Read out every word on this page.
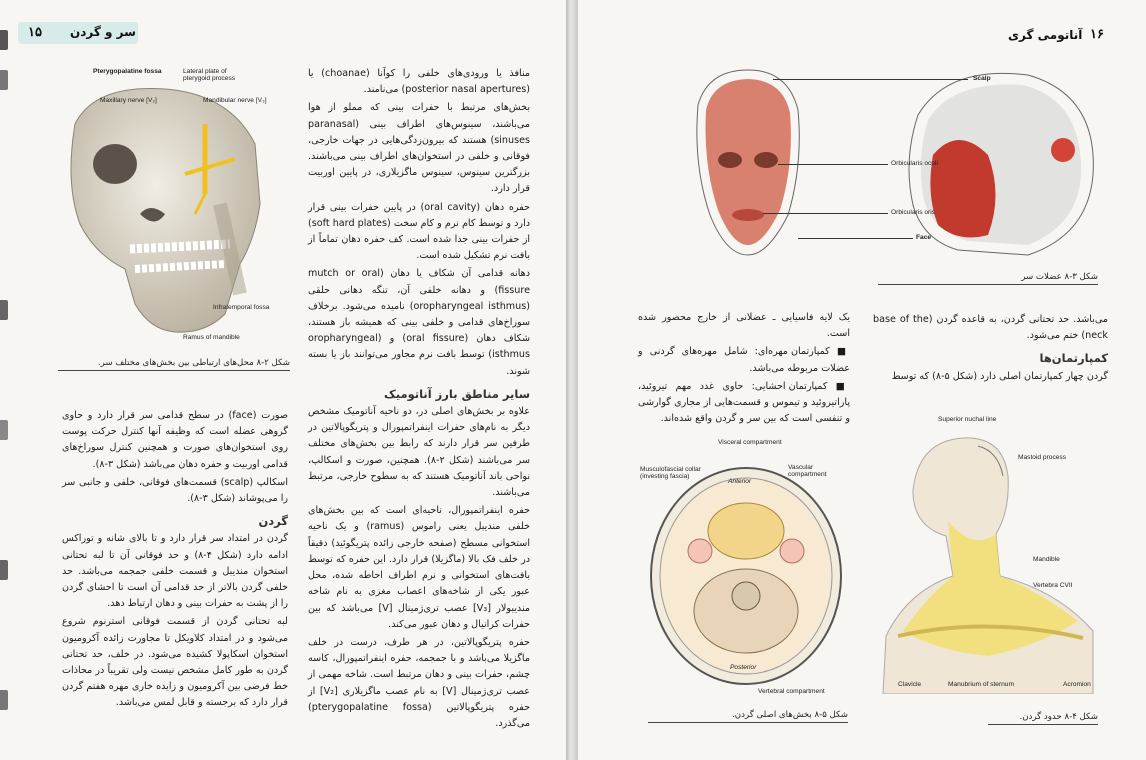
۱۵ سر و گردن
Pterygopalatine fossa	Lateral plate of
pterygoid process
Maxillary nerve [V₂]	Mandibular nerve [V₃]
Infratemporal fossa
Ramus of mandible
شکل ۲-۸ محل‌های ارتباطی بین بخش‌های مختلف سر.

منافذ یا ورودی‌های خلفی را کوآنا (choanae) یا (posterior nasal apertures) می‌نامند.

بخش‌های مرتبط با حفرات بینی که مملو از هوا می‌باشند، سینوس‌های اطراف بینی (paranasal sinuses) هستند که بیرون‌زدگی‌هایی در جهات خارجی، فوقانی و خلفی در استخوان‌های اطراف بینی می‌باشند. بزرگترین سینوس، سینوس ماگزیلاری، در پایین اوربیت قرار دارد.

حفره دهان (oral cavity) در پایین حفرات بینی قرار دارد و توسط کام نرم و کام سخت (soft hard plates) از حفرات بینی جدا شده است. کف حفره دهان تماماً از بافت نرم تشکیل شده است.

دهانه قدامی آن شکاف یا دهان (mutch or oral fissure) و دهانه خلفی آن، تنگه دهانی حلقی (oropharyngeal isthmus) نامیده می‌شود. برخلاف سوراخ‌های قدامی و خلفی بینی که همیشه باز هستند، شکاف دهان (oral fissure) و (oropharyngeal isthmus) توسط بافت نرم مجاور می‌توانند باز یا بسته شوند.

سایر مناطق بارز آناتومیک

علاوه بر بخش‌های اصلی در، دو ناحیه آناتومیک مشخص دیگر به نام‌های حفرات اینفراتمپورال و پتریگوپالاتین در طرفین سر قرار دارند که رابط بین بخش‌های مختلف سر می‌باشند (شکل ۲-۸). همچنین، صورت و اسکالپ، نواحی باند آناتومیک هستند که به سطوح خارجی، مرتبط می‌باشند.

حفره اینفراتمپورال، ناحیه‌ای است که بین بخش‌های خلفی مندیبل یعنی راموس (ramus) و یک ناحیه استخوانی مسطح (صفحه خارجی زائده پتریگوئید) دقیقاً در خلف فک بالا (ماگزیلا) قرار دارد. این حفره که توسط بافت‌های استخوانی و نرم اطراف احاطه شده، محل عبور یکی از شاخه‌های اعصاب مغزی به نام شاخه مندیبولار [V₃] عصب تری‌ژمینال [V] می‌باشد که بین حفرات کرانیال و دهان عبور می‌کند.

حفره پتریگوپالاتین، در هر طرف، درست در خلف ماگزیلا می‌باشد و با جمجمه، حفره اینفراتمپورال، کاسه چشم، حفرات بینی و دهان مرتبط است. شاخه مهمی از عصب تری‌ژمینال [V] به نام عصب ماگزیلاری [V₂] از حفره پتریگوپالاتین (pterygopalatine fossa) می‌گذرد.

صورت (face) در سطح قدامی سر قرار دارد و حاوی گروهی عضله است که وظیفه آنها کنترل حرکت پوست روی استخوان‌های صورت و همچنین کنترل سوراخ‌های قدامی اوربیت و حفره دهان می‌باشد (شکل ۳-۸).

اسکالپ (scalp) قسمت‌های فوقانی، خلفی و جانبی سر را می‌پوشاند (شکل ۳-۸).

گردن

گردن در امتداد سر قرار دارد و تا بالای شانه و توراکس ادامه دارد (شکل ۴-۸) و حد فوقانی آن تا لبه تحتانی استخوان مندیبل و قسمت خلفی جمجمه می‌باشد. حد خلفی گردن بالاتر از حد قدامی آن است تا احشای گردن را از پشت به حفرات بینی و دهان ارتباط دهد.

لبه تحتانی گردن از قسمت فوقانی استرنوم شروع می‌شود و در امتداد کلاویکل تا مجاورت زائده آکرومیون استخوان اسکاپولا کشیده می‌شود. در خلف، حد تحتانی گردن به طور کامل مشخص نیست ولی تقریباً در محاذات خط فرضی بین آکرومیون و زایده خاری مهره هفتم گردن قرار دارد که برجسته و قابل لمس می‌باشد.

۱۶
آناتومی گری
Scalp
Orbicularis oculi
Orbicularis oris
Face
شکل ۳-۸ عضلات سر

می‌باشد. حد تحتانی گردن، به قاعده گردن (base of the neck) ختم می‌شود.

کمپارتمان‌ها

گردن چهار کمپارتمان اصلی دارد (شکل ۵-۸) که توسط

یک لایه فاسیایی ـ عضلانی از خارج محصور شده است.

■ کمپارتمان مهره‌ای: شامل مهره‌های گردنی و عضلات مربوطه می‌باشد.

■ کمپارتمان احشایی: حاوی غدد مهم تیروئید، پاراتیروئید و تیموس و قسمت‌هایی از مجاری گوارشی و تنفسی است که بین سر و گردن واقع شده‌اند.

Visceral compartment
Vascular
compartment
Musculofascial collar
(investing fascia)
Anterior
Posterior
Vertebral compartment
شکل ۵-۸ بخش‌های اصلی گردن.
Superior nuchal line
Mastoid process
Mandible
Vertebra CVII
Clavicle	Manubrium of sternum	Acromion
شکل ۴-۸ حدود گردن.
